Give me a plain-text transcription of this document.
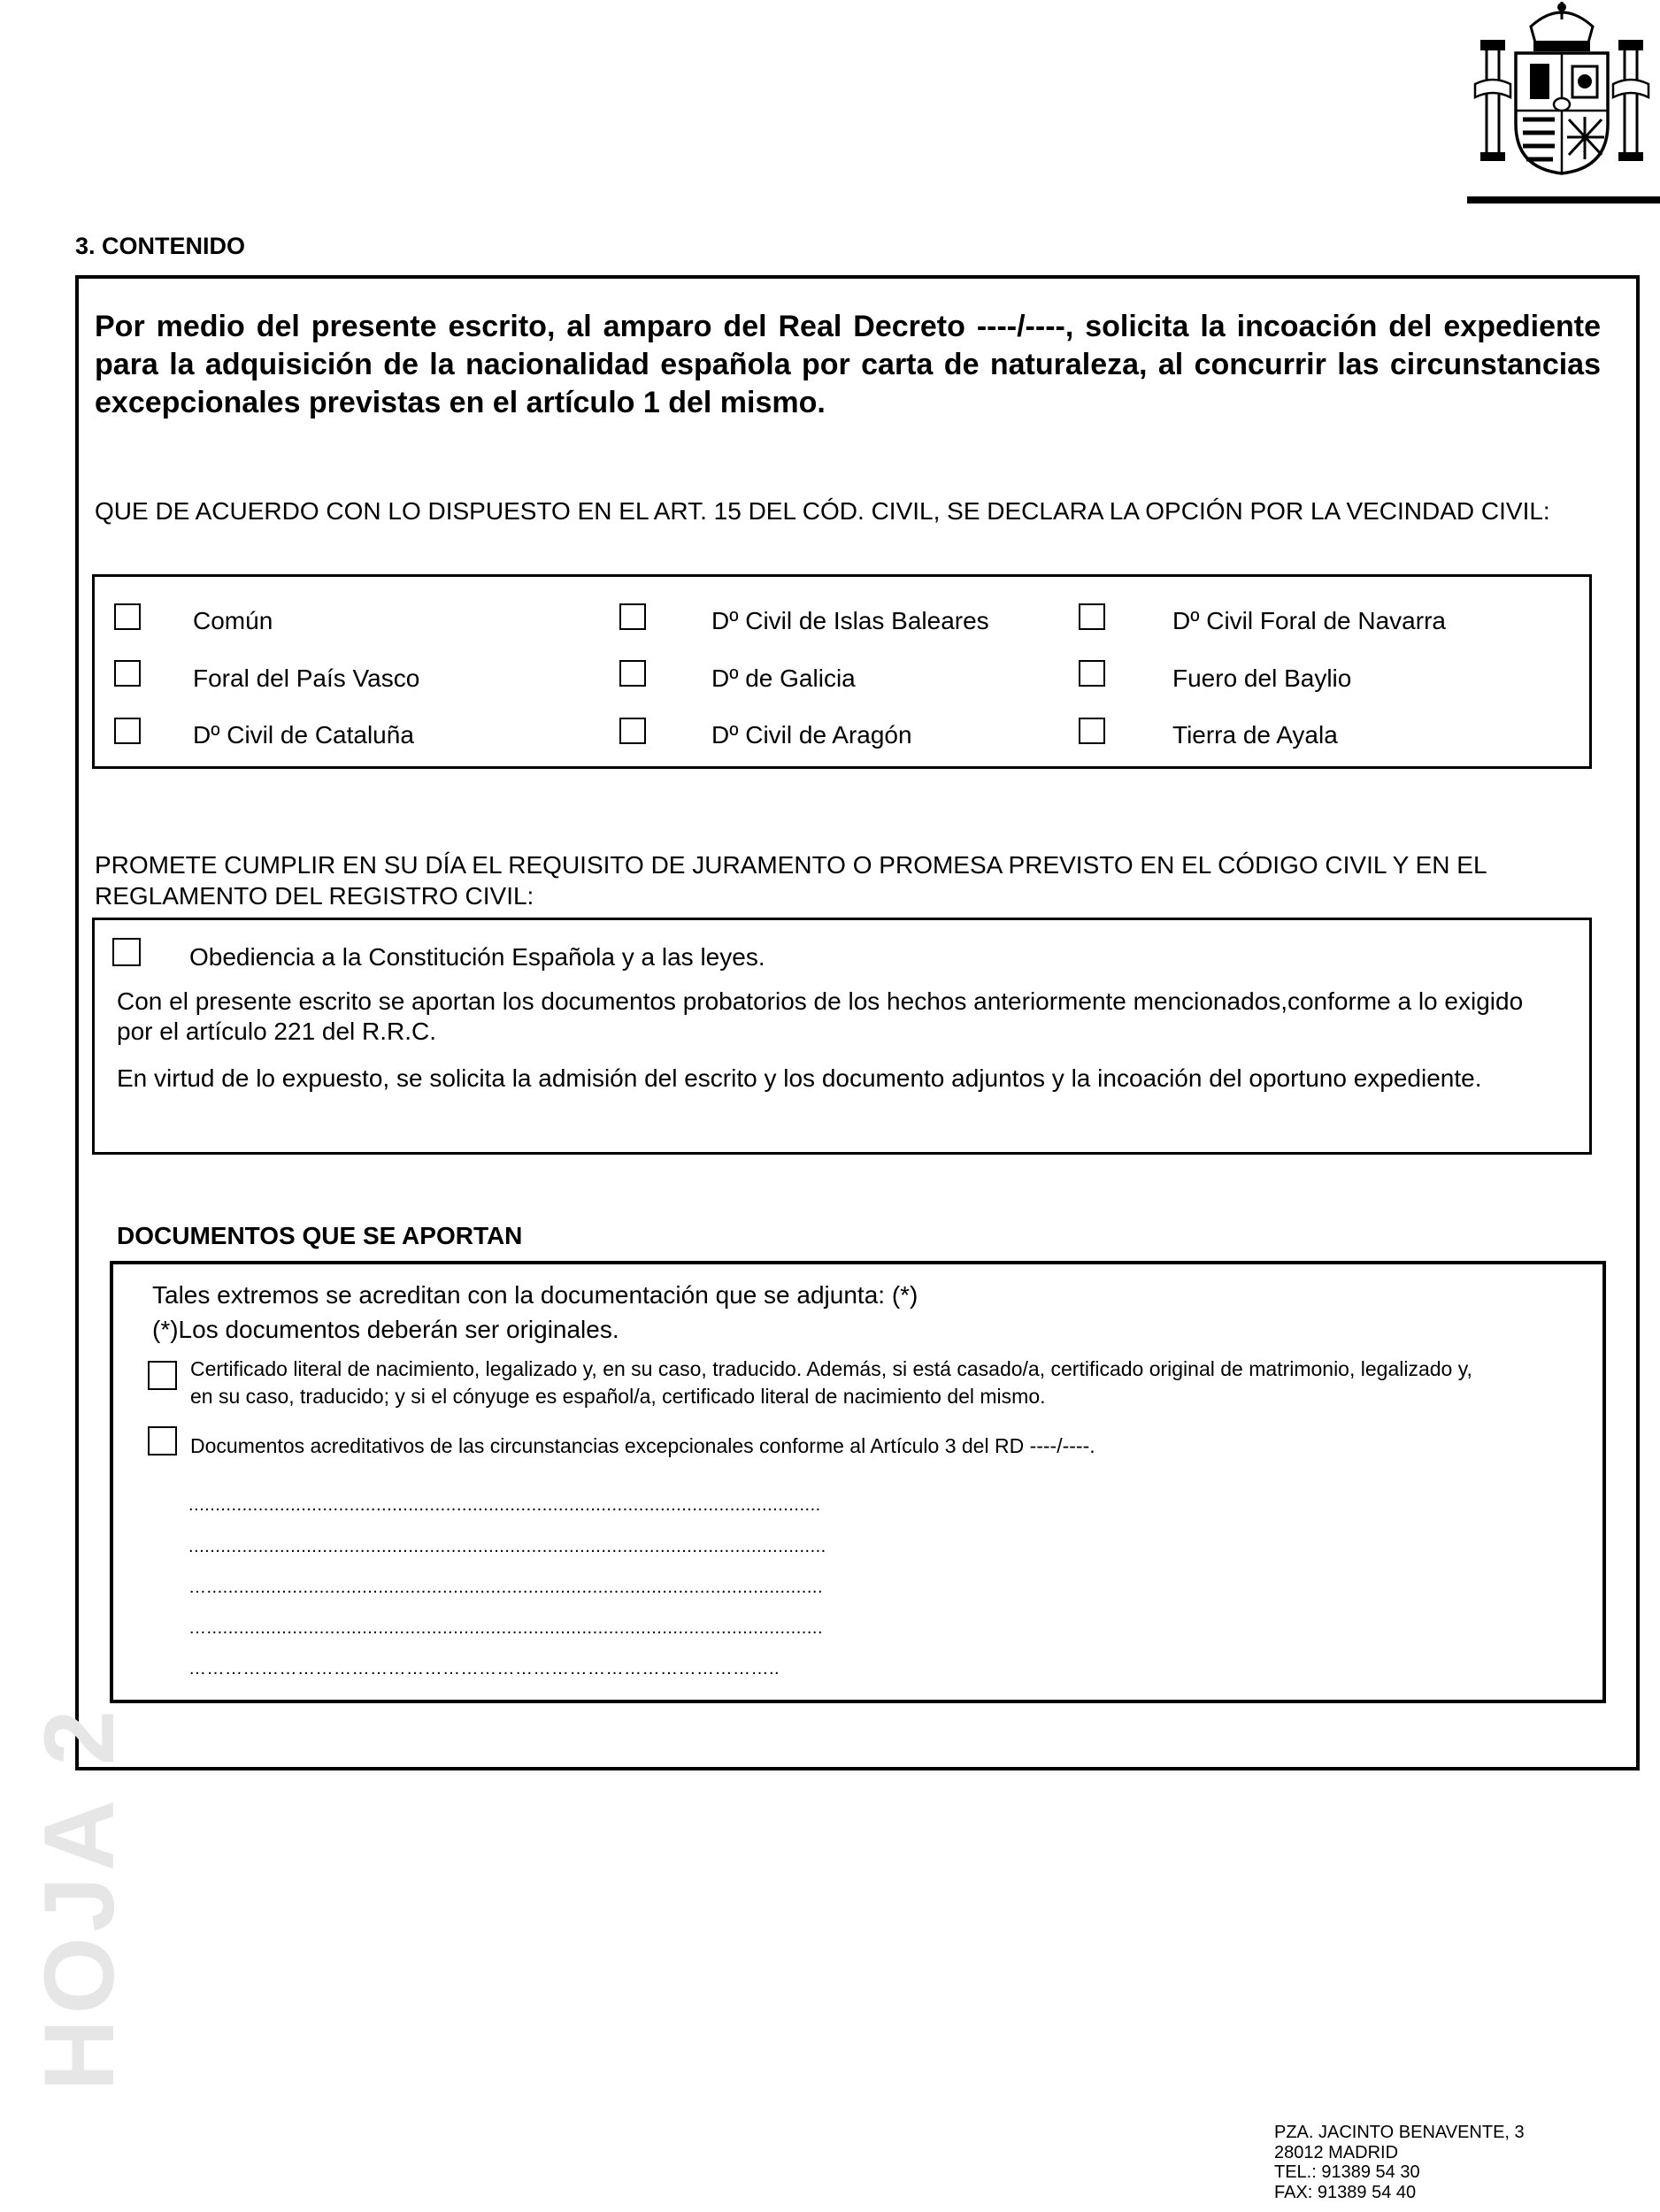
3. CONTENIDO
Por medio del presente escrito, al amparo del Real Decreto ----/----, solicita la incoación del expediente para la adquisición de la nacionalidad española por carta de naturaleza, al concurrir las circunstancias excepcionales previstas en el artículo 1 del mismo.
QUE DE ACUERDO CON LO DISPUESTO EN EL ART. 15 DEL CÓD. CIVIL, SE DECLARA LA OPCIÓN POR LA VECINDAD CIVIL:
Común	Dº Civil de Islas Baleares	Dº Civil Foral de Navarra
Foral del País Vasco	Dº de Galicia	Fuero del Baylio
Dº Civil de Cataluña	Dº Civil de Aragón	Tierra de Ayala
PROMETE CUMPLIR EN SU DÍA EL REQUISITO DE JURAMENTO O PROMESA PREVISTO EN EL CÓDIGO CIVIL Y EN EL REGLAMENTO DEL REGISTRO CIVIL:
Obediencia a la Constitución Española y a las leyes.
Con el presente escrito se aportan los documentos probatorios de los hechos anteriormente mencionados,conforme a lo exigido por el artículo 221 del R.R.C.
En virtud de lo expuesto, se solicita la admisión del escrito y los documento adjuntos y la incoación del oportuno expediente.
DOCUMENTOS QUE SE APORTAN
Tales extremos se acreditan con la documentación que se adjunta: (*)
(*)Los documentos deberán ser originales.
Certificado literal de nacimiento, legalizado y, en su caso, traducido. Además, si está casado/a, certificado original de matrimonio, legalizado y, en su caso, traducido; y si el cónyuge es español/a, certificado literal de nacimiento del mismo.
Documentos acreditativos de las circunstancias excepcionales conforme al Artículo 3 del RD ----/----.
......................................................................................................................
.......................................................................................................................
…...................................................................................................................
…...................................................................................................................
……………………………………………………………………………………..
HOJA 2
PZA. JACINTO BENAVENTE, 3
28012 MADRID
TEL.: 91389 54 30
FAX: 91389 54 40
